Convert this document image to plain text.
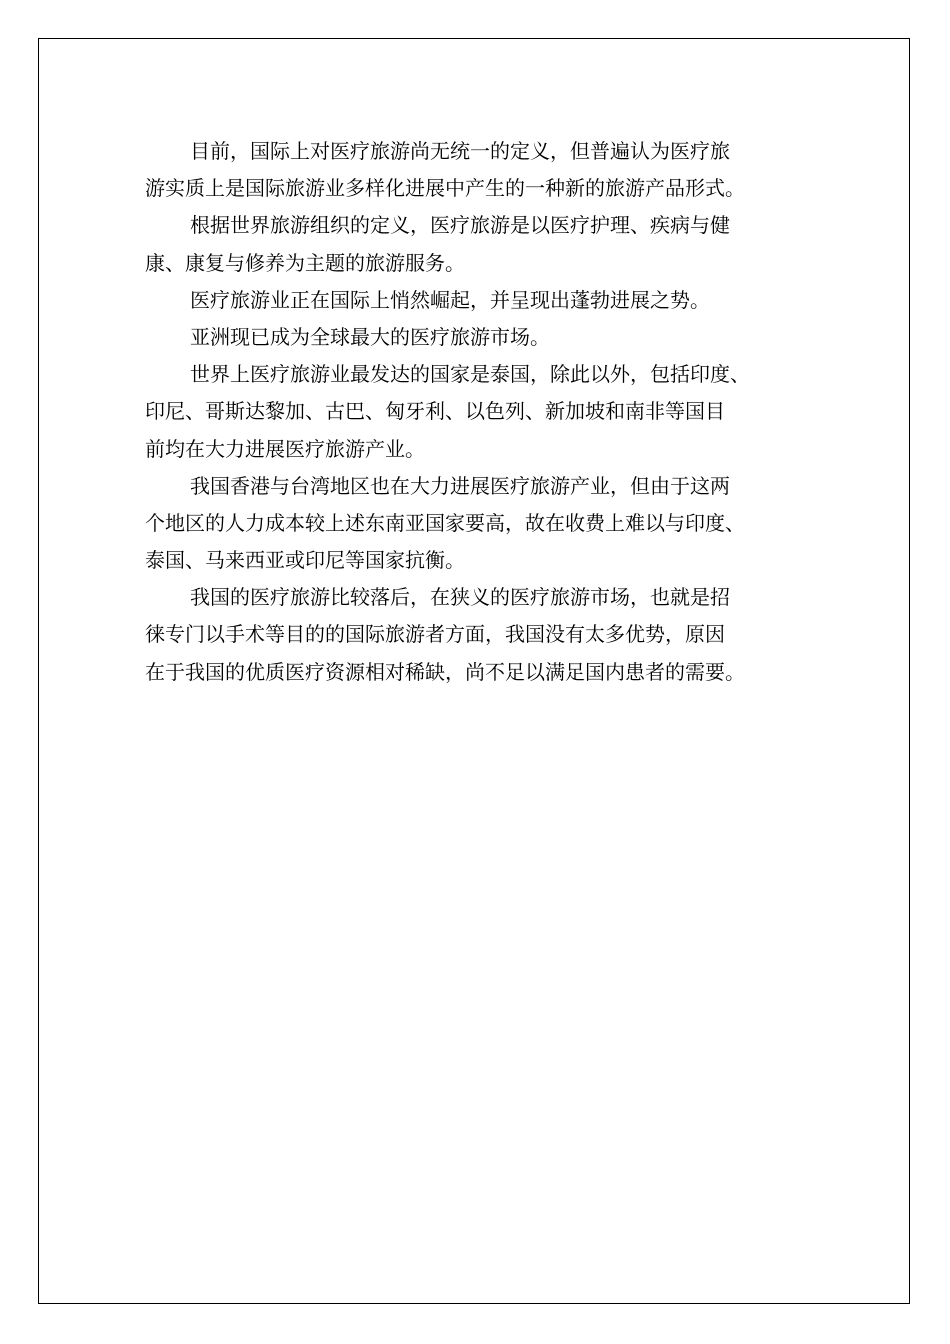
目前，国际上对医疗旅游尚无统一的定义，但普遍认为医疗旅
游实质上是国际旅游业多样化进展中产生的一种新的旅游产品形式。
根据世界旅游组织的定义，医疗旅游是以医疗护理、疾病与健
康、康复与修养为主题的旅游服务。
医疗旅游业正在国际上悄然崛起，并呈现出蓬勃进展之势。
亚洲现已成为全球最大的医疗旅游市场。
世界上医疗旅游业最发达的国家是泰国，除此以外，包括印度、
印尼、哥斯达黎加、古巴、匈牙利、以色列、新加坡和南非等国目
前均在大力进展医疗旅游产业。
我国香港与台湾地区也在大力进展医疗旅游产业，但由于这两
个地区的人力成本较上述东南亚国家要高，故在收费上难以与印度、
泰国、马来西亚或印尼等国家抗衡。
我国的医疗旅游比较落后，在狭义的医疗旅游市场，也就是招
徕专门以手术等目的的国际旅游者方面，我国没有太多优势，原因
在于我国的优质医疗资源相对稀缺，尚不足以满足国内患者的需要。
